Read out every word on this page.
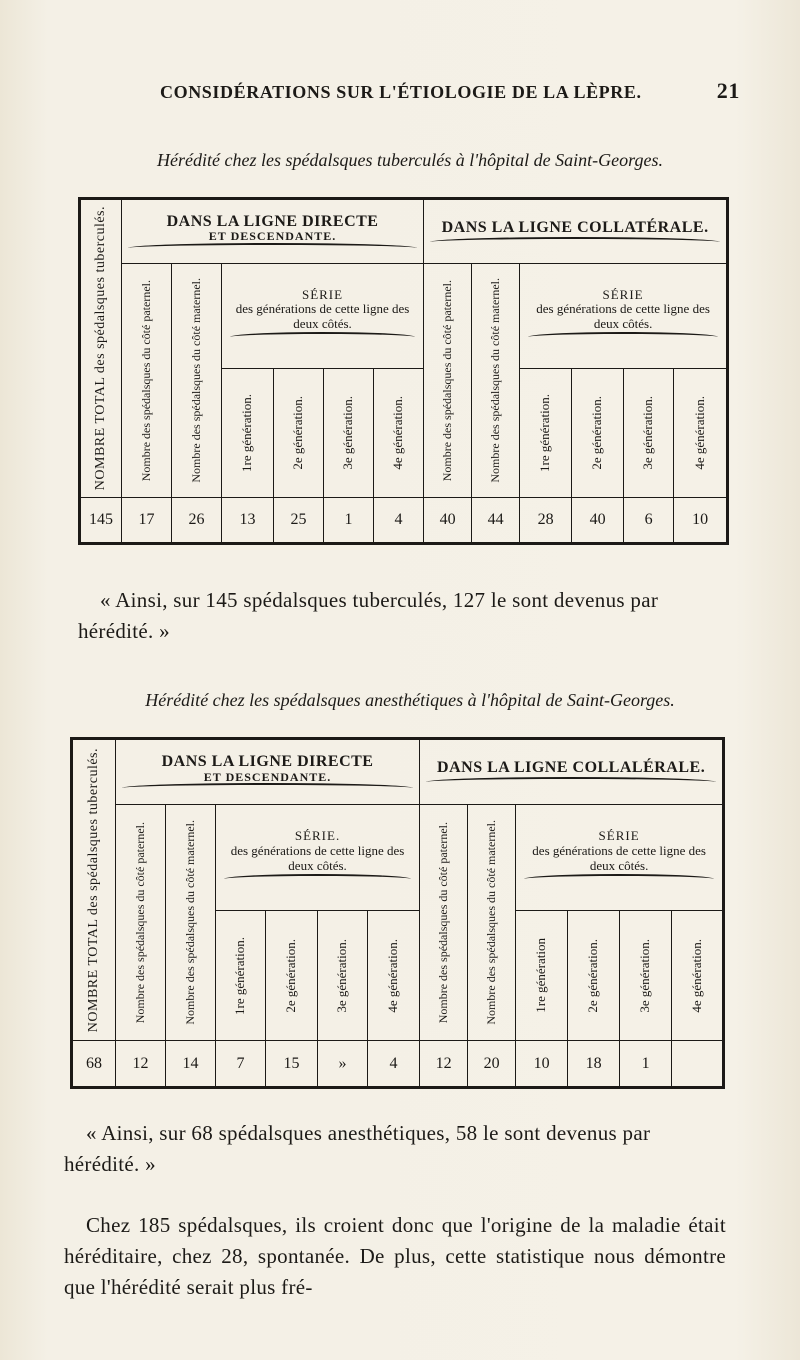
CONSIDÉRATIONS SUR L'ÉTIOLOGIE DE LA LÈPRE.	21
Hérédité chez les spédalsques tuberculés à l'hôpital de Saint-Georges.
NOMBRE TOTAL des spédalsques tuberculés.	DANS LA LIGNE DIRECTE
ET DESCENDANTE.						DANS LA LIGNE COLLATÉRALE.					

	Nombre des spédalsques du côté paternel.	Nombre des spédalsques du côté maternel.	SÉRIE
des générations de cette ligne des deux côtés.				Nombre des spédalsques du côté paternel.	Nombre des spédalsques du côté maternel.	SÉRIE
des générations de cette ligne des deux côtés.			

			1re génération.	2e génération.	3e génération.	4e génération.			1re génération.	2e génération.	3e génération.	4e génération.

145	17	26	13	25	1	4	40	44	28	40	6	10
« Ainsi, sur 145 spédalsques tuberculés, 127 le sont devenus par hérédité. »
Hérédité chez les spédalsques anesthétiques à l'hôpital de Saint-Georges.
NOMBRE TOTAL des spédalsques tuberculés.	DANS LA LIGNE DIRECTE
ET DESCENDANTE.						DANS LA LIGNE COLLALÉRALE.					

	Nombre des spédalsques du côté paternel.	Nombre des spédalsques du côté maternel.	SÉRIE.
des générations de cette ligne des deux côtés.				Nombre des spédalsques du côté paternel.	Nombre des spédalsques du côté maternel.	SÉRIE
des générations de cette ligne des deux côtés.			

			1re génération.	2e génération.	3e génération.	4e génération.			1re génération	2e génération.	3e génération.	4e génération.

68	12	14	7	15	»	4	12	20	10	18	1	
« Ainsi, sur 68 spédalsques anesthétiques, 58 le sont devenus par hérédité. »
Chez 185 spédalsques, ils croient donc que l'origine de la maladie était héréditaire, chez 28, spontanée. De plus, cette statistique nous démontre que l'hérédité serait plus fré-
